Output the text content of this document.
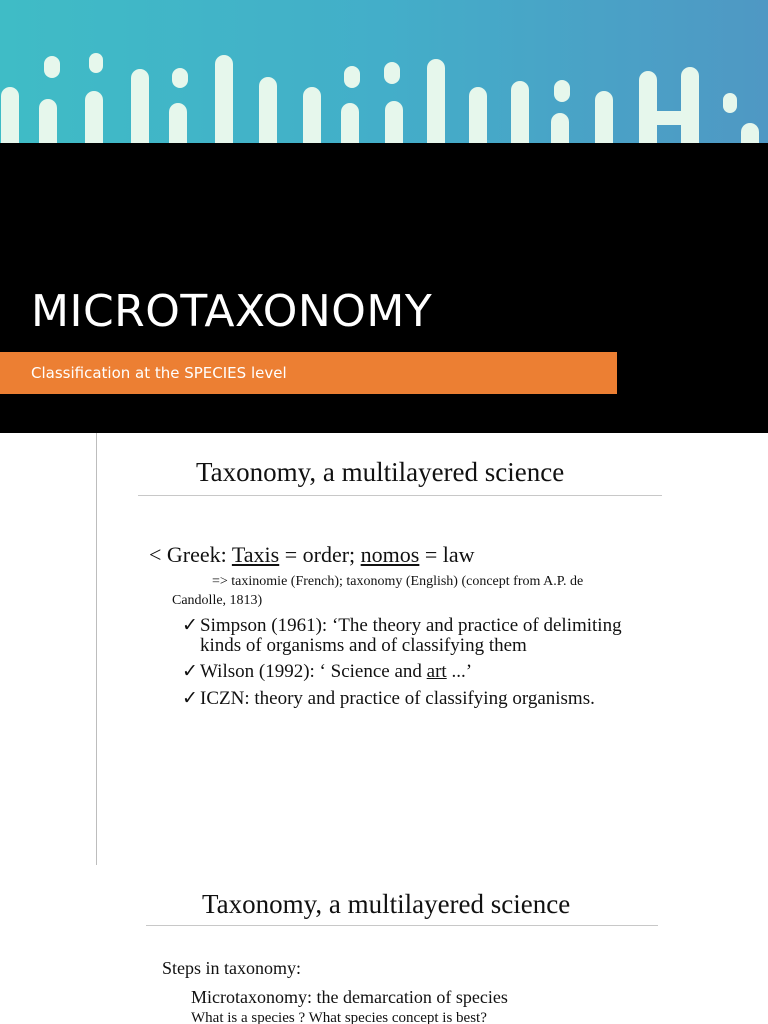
MICROTAXONOMY
Classification at the SPECIES level
Taxonomy, a multilayered science
< Greek: Taxis = order; nomos = law
=> taxinomie (French); taxonomy (English) (concept from A.P. de
Candolle, 1813)
✓ Simpson (1961): ‘The theory and practice of delimiting
kinds of organisms and of classifying them
✓ Wilson (1992): ‘ Science and art ...’
✓ ICZN: theory and practice of classifying organisms.
Taxonomy, a multilayered science
Steps in taxonomy:
Microtaxonomy: the demarcation of species
What is a species ? What species concept is best?
